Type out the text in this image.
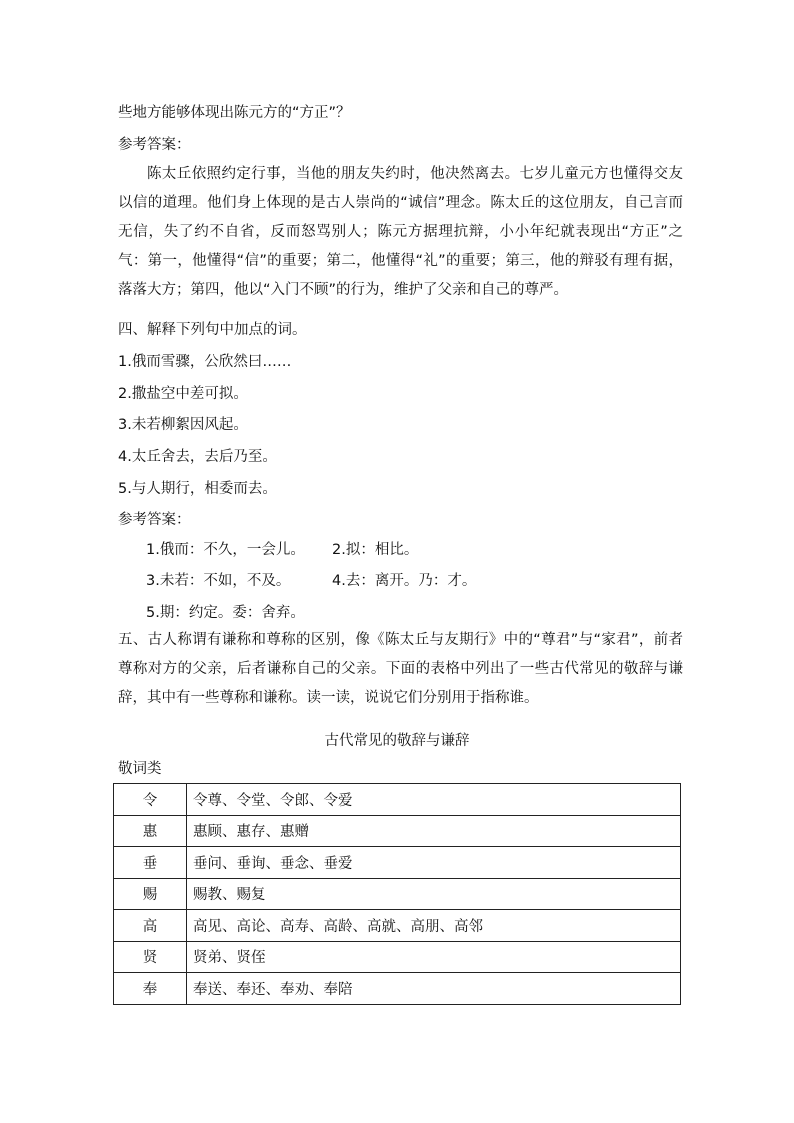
些地方能够体现出陈元方的“方正”？
参考答案：
陈太丘依照约定行事，当他的朋友失约时，他决然离去。七岁儿童元方也懂得交友以信的道理。他们身上体现的是古人崇尚的“诚信”理念。陈太丘的这位朋友，自己言而无信，失了约不自省，反而怒骂别人；陈元方据理抗辩，小小年纪就表现出“方正”之气：第一，他懂得“信”的重要；第二，他懂得“礼”的重要；第三，他的辩驳有理有据，落落大方；第四，他以“入门不顾”的行为，维护了父亲和自己的尊严。
四、解释下列句中加点的词。
1.俄而雪骤，公欣然曰……
2.撒盐空中差可拟。
3.未若柳絮因风起。
4.太丘舍去，去后乃至。
5.与人期行，相委而去。
参考答案：
1.俄而：不久，一会儿。 2.拟：相比。
3.未若：不如，不及。	4.去：离开。乃：才。
5.期：约定。委：舍弃。
五、古人称谓有谦称和尊称的区别，像《陈太丘与友期行》中的“尊君”与“家君”，前者尊称对方的父亲，后者谦称自己的父亲。下面的表格中列出了一些古代常见的敬辞与谦辞，其中有一些尊称和谦称。读一读，说说它们分别用于指称谁。
古代常见的敬辞与谦辞
敬词类
令	令尊、令堂、令郎、令爱
惠	惠顾、惠存、惠赠
垂	垂问、垂询、垂念、垂爱
赐	赐教、赐复
高	高见、高论、高寿、高龄、高就、高朋、高邻
贤	贤弟、贤侄
奉	奉送、奉还、奉劝、奉陪
